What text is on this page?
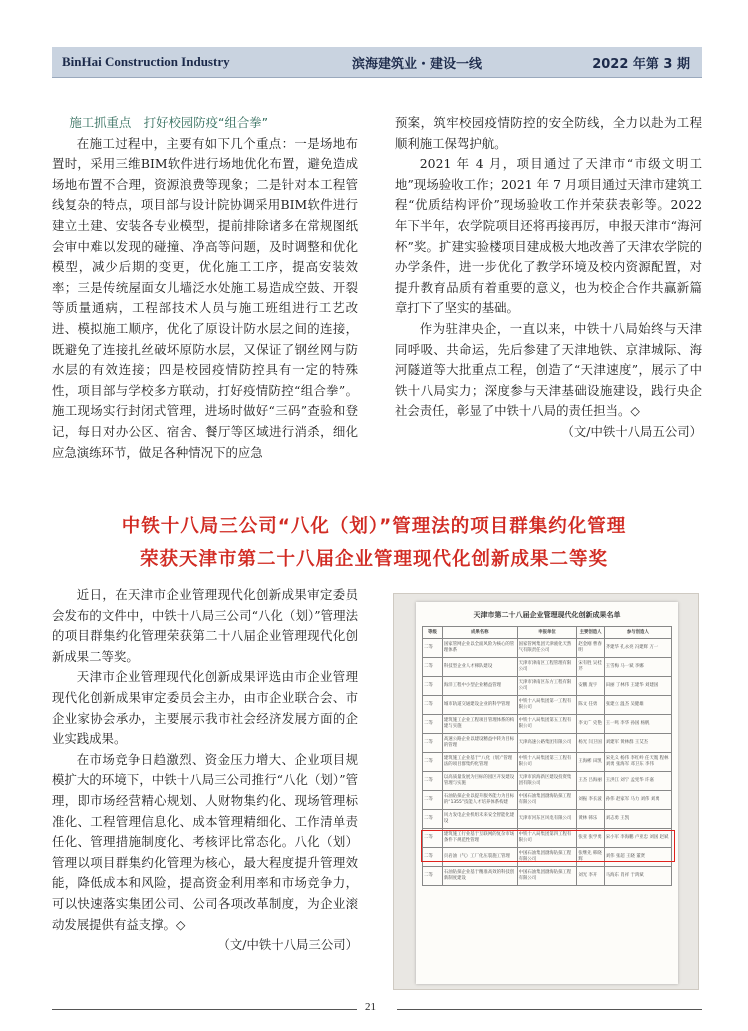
BinHai Construction Industry	滨海建筑业・建设一线	2022 年第 3 期

施工抓重点　打好校园防疫“组合拳”

在施工过程中，主要有如下几个重点：一是场地布置时，采用三维BIM软件进行场地优化布置，避免造成场地布置不合理，资源浪费等现象；二是针对本工程管线复杂的特点，项目部与设计院协调采用BIM软件进行建立土建、安装各专业模型，提前排除诸多在常规图纸会审中难以发现的碰撞、净高等问题，及时调整和优化模型，减少后期的变更，优化施工工序，提高安装效率；三是传统屋面女儿墙泛水处施工易造成空鼓、开裂等质量通病，工程部技术人员与施工班组进行工艺改进、模拟施工顺序，优化了原设计防水层之间的连接，既避免了连接扎丝破坏原防水层，又保证了钢丝网与防水层的有效连接；四是校园疫情防控具有一定的特殊性，项目部与学校多方联动，打好疫情防控“组合拳”。施工现场实行封闭式管理，进场时做好“三码”查验和登记，每日对办公区、宿舍、餐厅等区域进行消杀，细化应急演练环节，做足各种情况下的应急

预案，筑牢校园疫情防控的安全防线，全力以赴为工程顺利施工保驾护航。

2021 年 4 月，项目通过了天津市“市级文明工地”现场验收工作；2021 年 7 月项目通过天津市建筑工程“优质结构评价”现场验收工作并荣获表彰等。2022 年下半年，农学院项目还将再接再厉，申报天津市“海河杯”奖。扩建实验楼项目建成极大地改善了天津农学院的办学条件，进一步优化了教学环境及校内资源配置，对提升教育品质有着重要的意义，也为校企合作共赢新篇章打下了坚实的基础。

作为驻津央企，一直以来，中铁十八局始终与天津同呼吸、共命运，先后参建了天津地铁、京津城际、海河隧道等大批重点工程，创造了“天津速度”，展示了中铁十八局实力；深度参与天津基础设施建设，践行央企社会责任，彰显了中铁十八局的责任担当。◇

（文/中铁十八局五公司）

中铁十八局三公司“八化（划）”管理法的项目群集约化管理
荣获天津市第二十八届企业管理现代化创新成果二等奖

近日，在天津市企业管理现代化创新成果审定委员会发布的文件中，中铁十八局三公司“八化（划）”管理法的项目群集约化管理荣获第二十八届企业管理现代化创新成果二等奖。

天津市企业管理现代化创新成果评选由市企业管理现代化创新成果审定委员会主办，由市企业联合会、市企业家协会承办，主要展示我市社会经济发展方面的企业实践成果。

在市场竞争日趋激烈、资金压力增大、企业项目规模扩大的环境下，中铁十八局三公司推行“八化（划）”管理，即市场经营精心规划、人财物集约化、现场管理标准化、工程管理信息化、成本管理精细化、工作清单责任化、管理措施制度化、考核评比常态化。八化（划）管理以项目群集约化管理为核心，最大程度提升管理效能，降低成本和风险，提高资金利用率和市场竞争力，可以快速落实集团公司、公司各项改革制度，为企业滚动发展提供有益支撑。◇

（文/中铁十八局三公司）

天津市第二十八届企业管理现代化创新成果名单
等级	成果名称	申报单位	主要创造人	参与创造人
二等	国家管网企业以全面风险为核心的管理体系	国家管网集团天津液化天然气有限责任公司	赵金刚 曹春明	齐建华 孔永亮 冯建辉 万一
二等	科技型企业人才梯队建设	天津市津南区工程管理有限公司	宋有胜 吴桂芹	王雪梅 马一斌 李娜
二等	海洋工程中小型企业精益管理	天津市津南区东方工程有限公司	安鹏 庞宇	田丽 丁林伟 王建华 刘建国
二等	城市轨道交通建设企业的科学管理	中铁十八局集团第一工程有限公司	陈文 任勇	张建立 温杰 吴健雄
二等	建筑施工企业工程项目管理体系的构建与实施	中铁十八局集团第五工程有限公司	李文广 史艳	王一鸣 李华 孙国 杨帆
二等	高速公路企业以建设精益中转为目标的管理	天津高速公路集团有限公司	杨光 闫卫国	刘建军 黄林群 王艾杰
二等	建筑施工企业基于“八化（划）”管理法的项目群集约化管理	中铁十八局集团第三工程有限公司	王海彬 田凯	宋先义 杨伟 李红岭 任天胤 程林 刘勇 张海军 邓卫东 李伟
二等	以高质量发展为目标的园区开发建设管理与实施	天津市滨海新区建设投资集团有限公司	王杰 吕海丽	王洪江 刘宁 孟宪华 许嘉
二等	石油钻探企业以提升服务能力为目标的“1355”技能人才培养体系构建	中国石油集团渤海钻探工程有限公司	刘振 李长波	孙伟 赵家军 马力 刘伟 刘勇
二等	风力发电企业机组未来安全智能化建设	天津市河东区风电有限公司	黄林 韩乐	刘志勇 王凯
二等	建筑施工行业基于互联网的复杂市场条件下规范性管理	中铁十八局集团第四工程有限公司	张亚 张学勇	宋小军 李海鹏 卢亚忠 刘国 赵斌
二等	页岩油（气）工厂化压裂施工管理	中国石油集团渤海钻探工程有限公司	张继先 韩晓辉	刘伟 张超 王晓 董贤
二等	石油钻探企业基于精准高效的科技创新制度建设	中国石油集团渤海钻探工程有限公司	刘光 李开	马海东 肖祥 于鸿斌
21
